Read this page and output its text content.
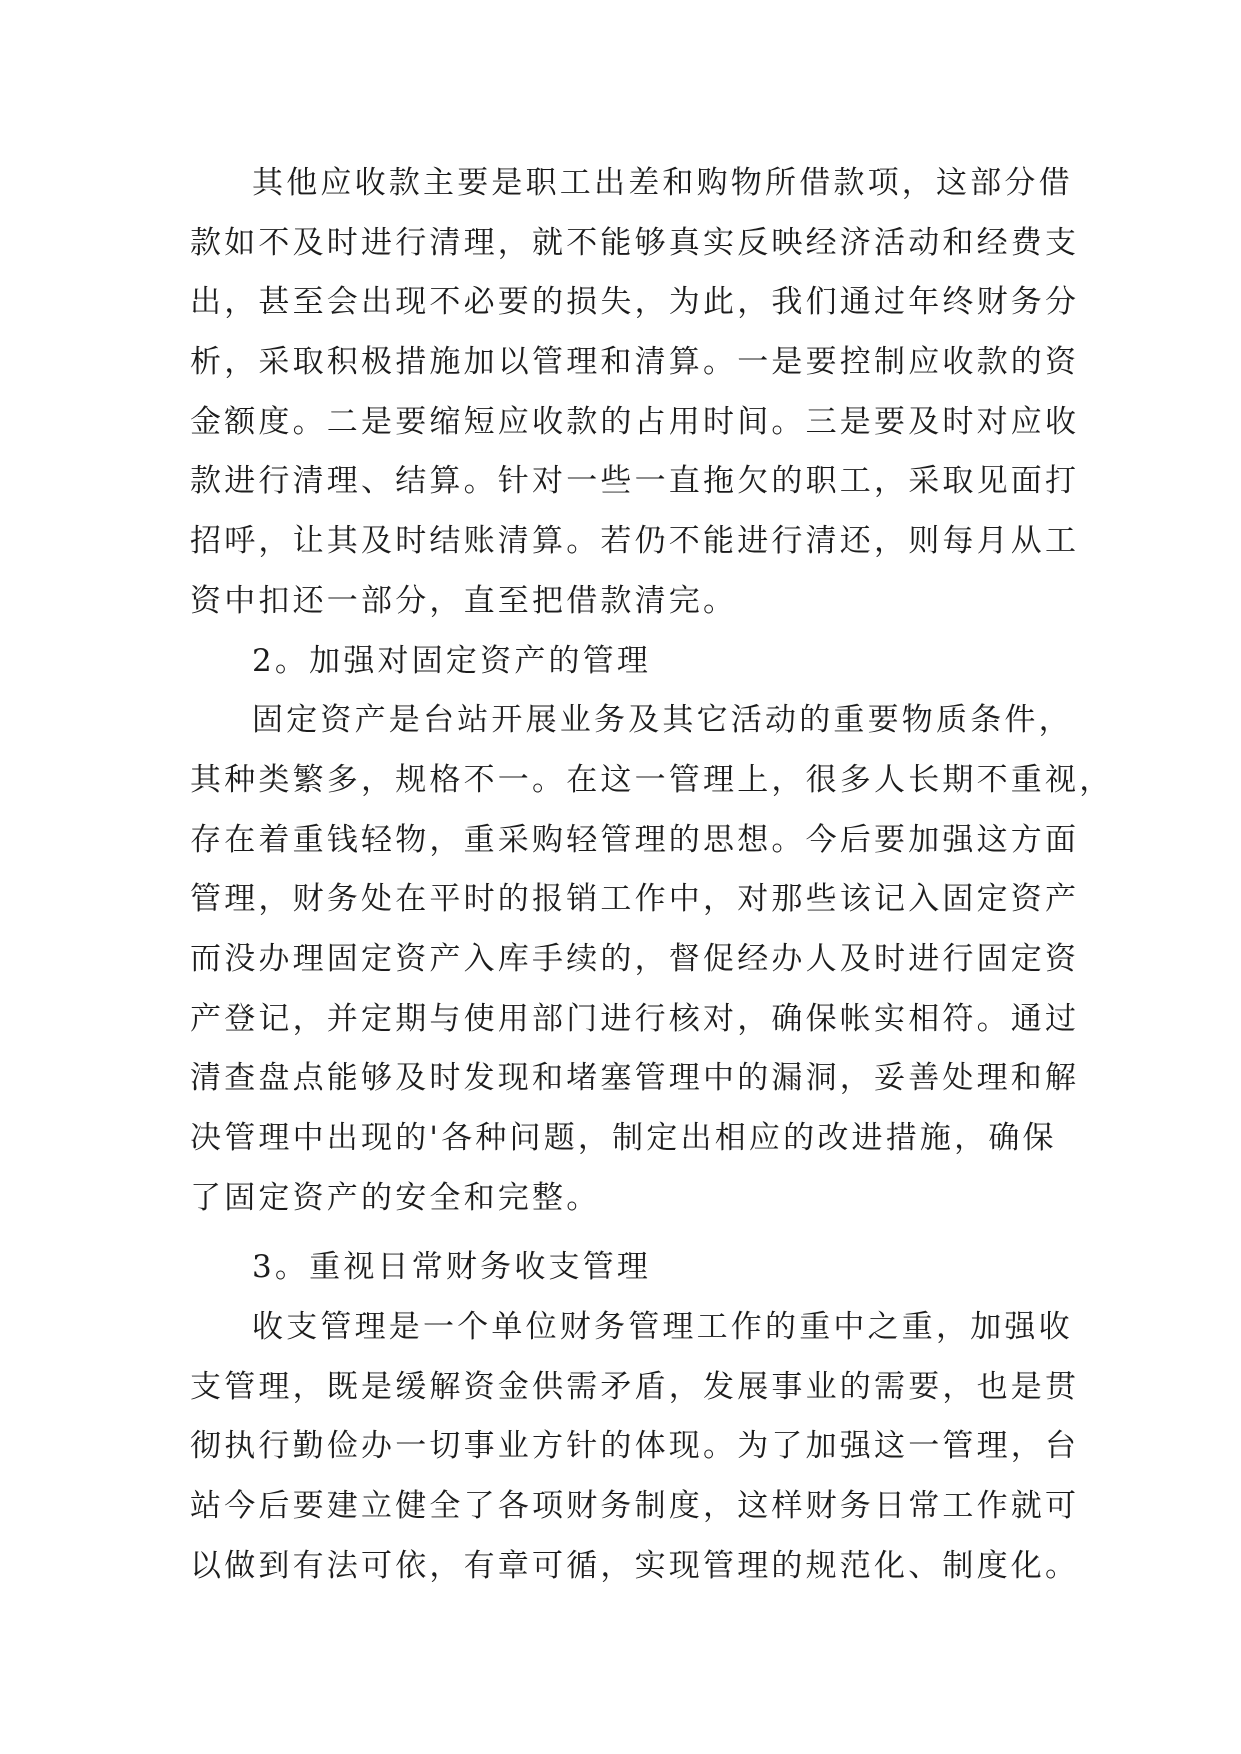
其他应收款主要是职工出差和购物所借款项，这部分借
款如不及时进行清理，就不能够真实反映经济活动和经费支
出，甚至会出现不必要的损失，为此，我们通过年终财务分
析，采取积极措施加以管理和清算。一是要控制应收款的资
金额度。二是要缩短应收款的占用时间。三是要及时对应收
款进行清理、结算。针对一些一直拖欠的职工，采取见面打
招呼，让其及时结账清算。若仍不能进行清还，则每月从工
资中扣还一部分，直至把借款清完。
2。加强对固定资产的管理
固定资产是台站开展业务及其它活动的重要物质条件，
其种类繁多，规格不一。在这一管理上，很多人长期不重视，
存在着重钱轻物，重采购轻管理的思想。今后要加强这方面
管理，财务处在平时的报销工作中，对那些该记入固定资产
而没办理固定资产入库手续的，督促经办人及时进行固定资
产登记，并定期与使用部门进行核对，确保帐实相符。通过
清查盘点能够及时发现和堵塞管理中的漏洞，妥善处理和解
决管理中出现的'各种问题，制定出相应的改进措施，确保
了固定资产的安全和完整。
3。重视日常财务收支管理
收支管理是一个单位财务管理工作的重中之重，加强收
支管理，既是缓解资金供需矛盾，发展事业的需要，也是贯
彻执行勤俭办一切事业方针的体现。为了加强这一管理，台
站今后要建立健全了各项财务制度，这样财务日常工作就可
以做到有法可依，有章可循，实现管理的规范化、制度化。
